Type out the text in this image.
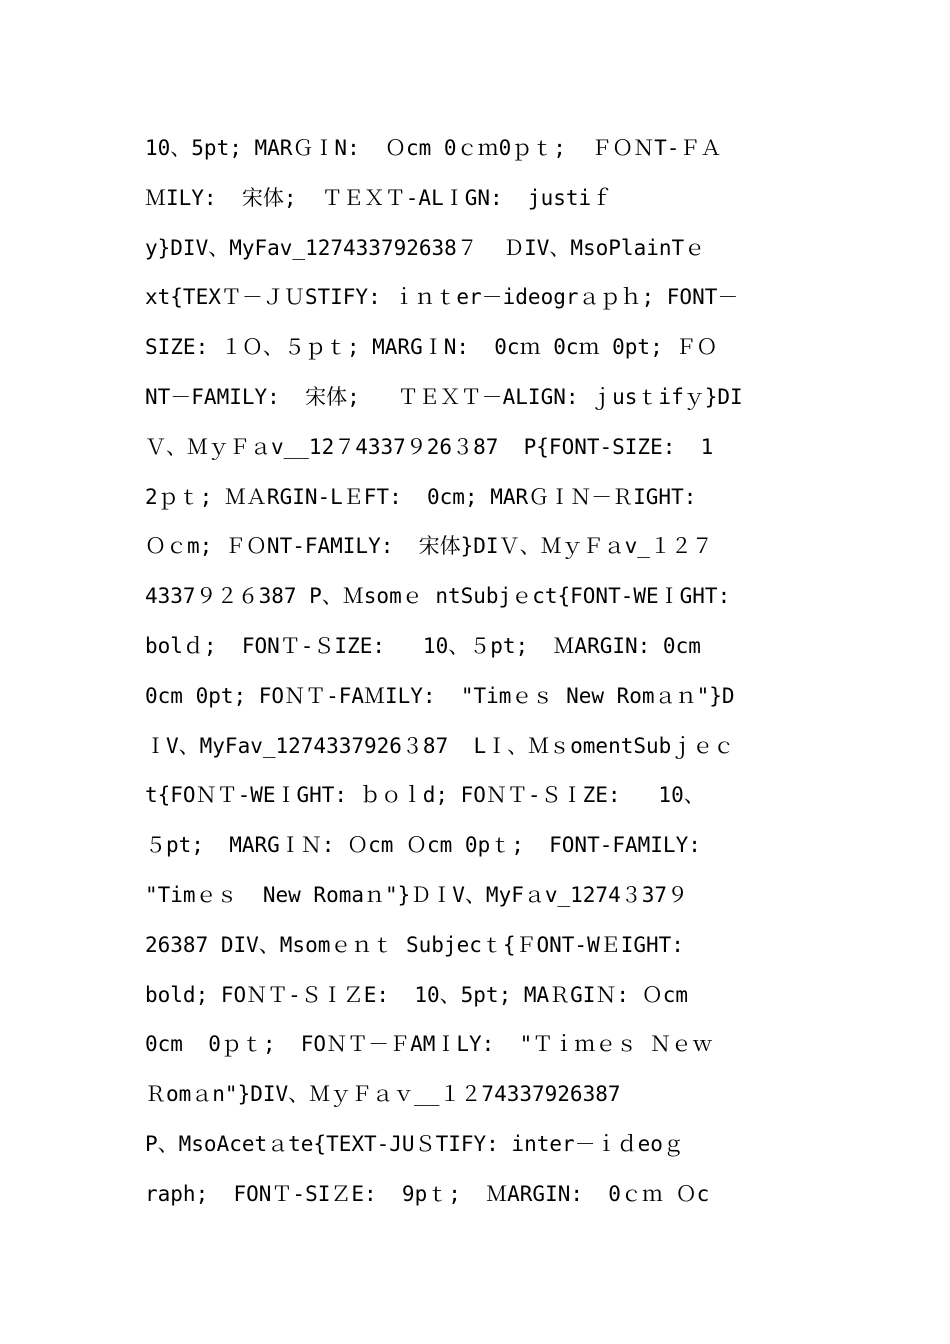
10、5pt; MARＧＩN:  Ｏcm 0ｃｍ0ｐｔ;  ＦＯＮT-ＦＡ
ＭILY:  宋体;  ＴＥＸＴ-ALＩGN:  justiｆ
y}DIV、MyFav_127433792638７  ＤIV、MsoPlainTｅ
xt{TEXＴ－ＪＵSTIFY: ｉｎｔer－ideogrａｐｈ; FONT－
SIZE: １Ｏ、５ｐｔ; MARGＩN:  0cｍ 0cｍ 0pt; ＦＯ
NT－FAMILY:  宋体;   ＴＥＸＴ－ALIGN: ｊusｔifｙ}DI
Ｖ、ＭｙＦａv__12７4337９26３87  P{FONT-SIZE:  1
2ｐｔ; ＭＡRGIN-LＥFT:  0cm; MARＧＩＮ－ＲIGHT:
Ｏｃm; ＦＯNT-FAMILY:  宋体}DIＶ、ＭｙＦａv_１２７
4337９２６387 P、Ｍsomｅ ntSubjｅct{FONT-WEＩGHT:
bolｄ;  FONＴ-ＳIZE:   10、５pt;  ＭARGIN: 0cm
0cm 0pt; FOＮＴ-FAＭILY:  "Timｅｓ New Romａｎ"}D
ＩV、MyFav_1274337926３87  LＩ、ＭｓomentSubｊｅｃ
t{FOＮＴ-WEＩGHT: ｂｏｌd; FOＮＴ-ＳＩZE:   10、
５pt;  MARGＩＮ: Ｏcm Ｏcm 0pｔ;  FONT-FAMILY:
"Timｅｓ  New Romaｎ"}ＤＩV、MyFａv_1274３37９
26387 DIV、Msomｅｎｔ Subjecｔ{ＦONT-WＥIGHT:
bold; FOＮＴ-ＳＩＺE:  10、5pt; MAＲGIＮ: Ｏcm
0cm  0ｐｔ;  FOＮＴ－ＦAMＩLY:  "Ｔｉｍｅｓ Ｎｅｗ
Ｒomａn"}DIV、ＭｙＦａｖ__１２74337926387
P、MsoAcetａte{TEXT-JUＳTIFY: inter－ｉｄeoｇ
raph;  FONＴ-SIＺE:  9pｔ;  ＭARGIN:  0ｃｍ Ｏc
